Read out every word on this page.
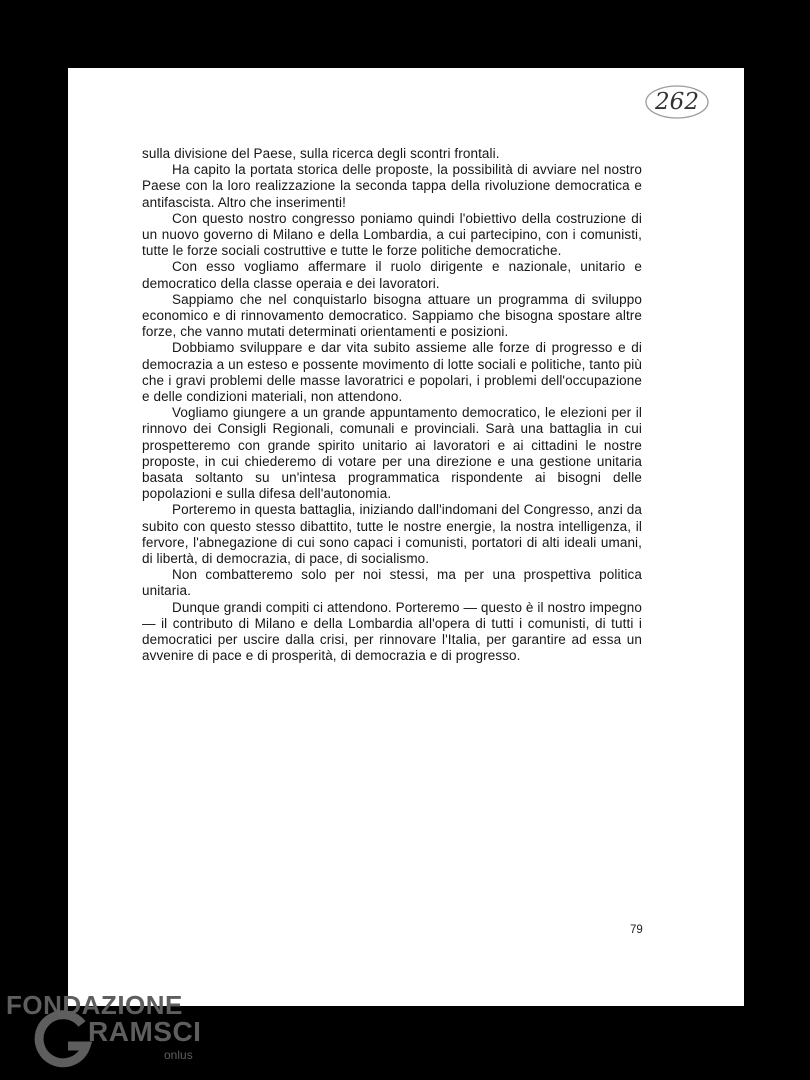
262

sulla divisione del Paese, sulla ricerca degli scontri frontali.

Ha capito la portata storica delle proposte, la possibilità di avviare nel nostro Paese con la loro realizzazione la seconda tappa della rivoluzione democratica e antifascista. Altro che inserimenti!

Con questo nostro congresso poniamo quindi l'obiettivo della costruzione di un nuovo governo di Milano e della Lombardia, a cui partecipino, con i comunisti, tutte le forze sociali costruttive e tutte le forze politiche democratiche.

Con esso vogliamo affermare il ruolo dirigente e nazionale, unitario e democratico della classe operaia e dei lavoratori.

Sappiamo che nel conquistarlo bisogna attuare un programma di sviluppo economico e di rinnovamento democratico. Sappiamo che bisogna spostare altre forze, che vanno mutati determinati orientamenti e posizioni.

Dobbiamo sviluppare e dar vita subito assieme alle forze di progresso e di democrazia a un esteso e possente movimento di lotte sociali e politiche, tanto più che i gravi problemi delle masse lavoratrici e popolari, i problemi dell'occupazione e delle condizioni materiali, non attendono.

Vogliamo giungere a un grande appuntamento democratico, le elezioni per il rinnovo dei Consigli Regionali, comunali e provinciali. Sarà una battaglia in cui prospetteremo con grande spirito unitario ai lavoratori e ai cittadini le nostre proposte, in cui chiederemo di votare per una direzione e una gestione unitaria basata soltanto su un'intesa programmatica rispondente ai bisogni delle popolazioni e sulla difesa dell'autonomia.

Porteremo in questa battaglia, iniziando dall'indomani del Congresso, anzi da subito con questo stesso dibattito, tutte le nostre energie, la nostra intelligenza, il fervore, l'abnegazione di cui sono capaci i comunisti, portatori di alti ideali umani, di libertà, di democrazia, di pace, di socialismo.

Non combatteremo solo per noi stessi, ma per una prospettiva politica unitaria.

Dunque grandi compiti ci attendono. Porteremo — questo è il nostro impegno — il contributo di Milano e della Lombardia all'opera di tutti i comunisti, di tutti i democratici per uscire dalla crisi, per rinnovare l'Italia, per garantire ad essa un avvenire di pace e di prosperità, di democrazia e di progresso.

79
FONDAZIONE
RAMSCI
onlus
